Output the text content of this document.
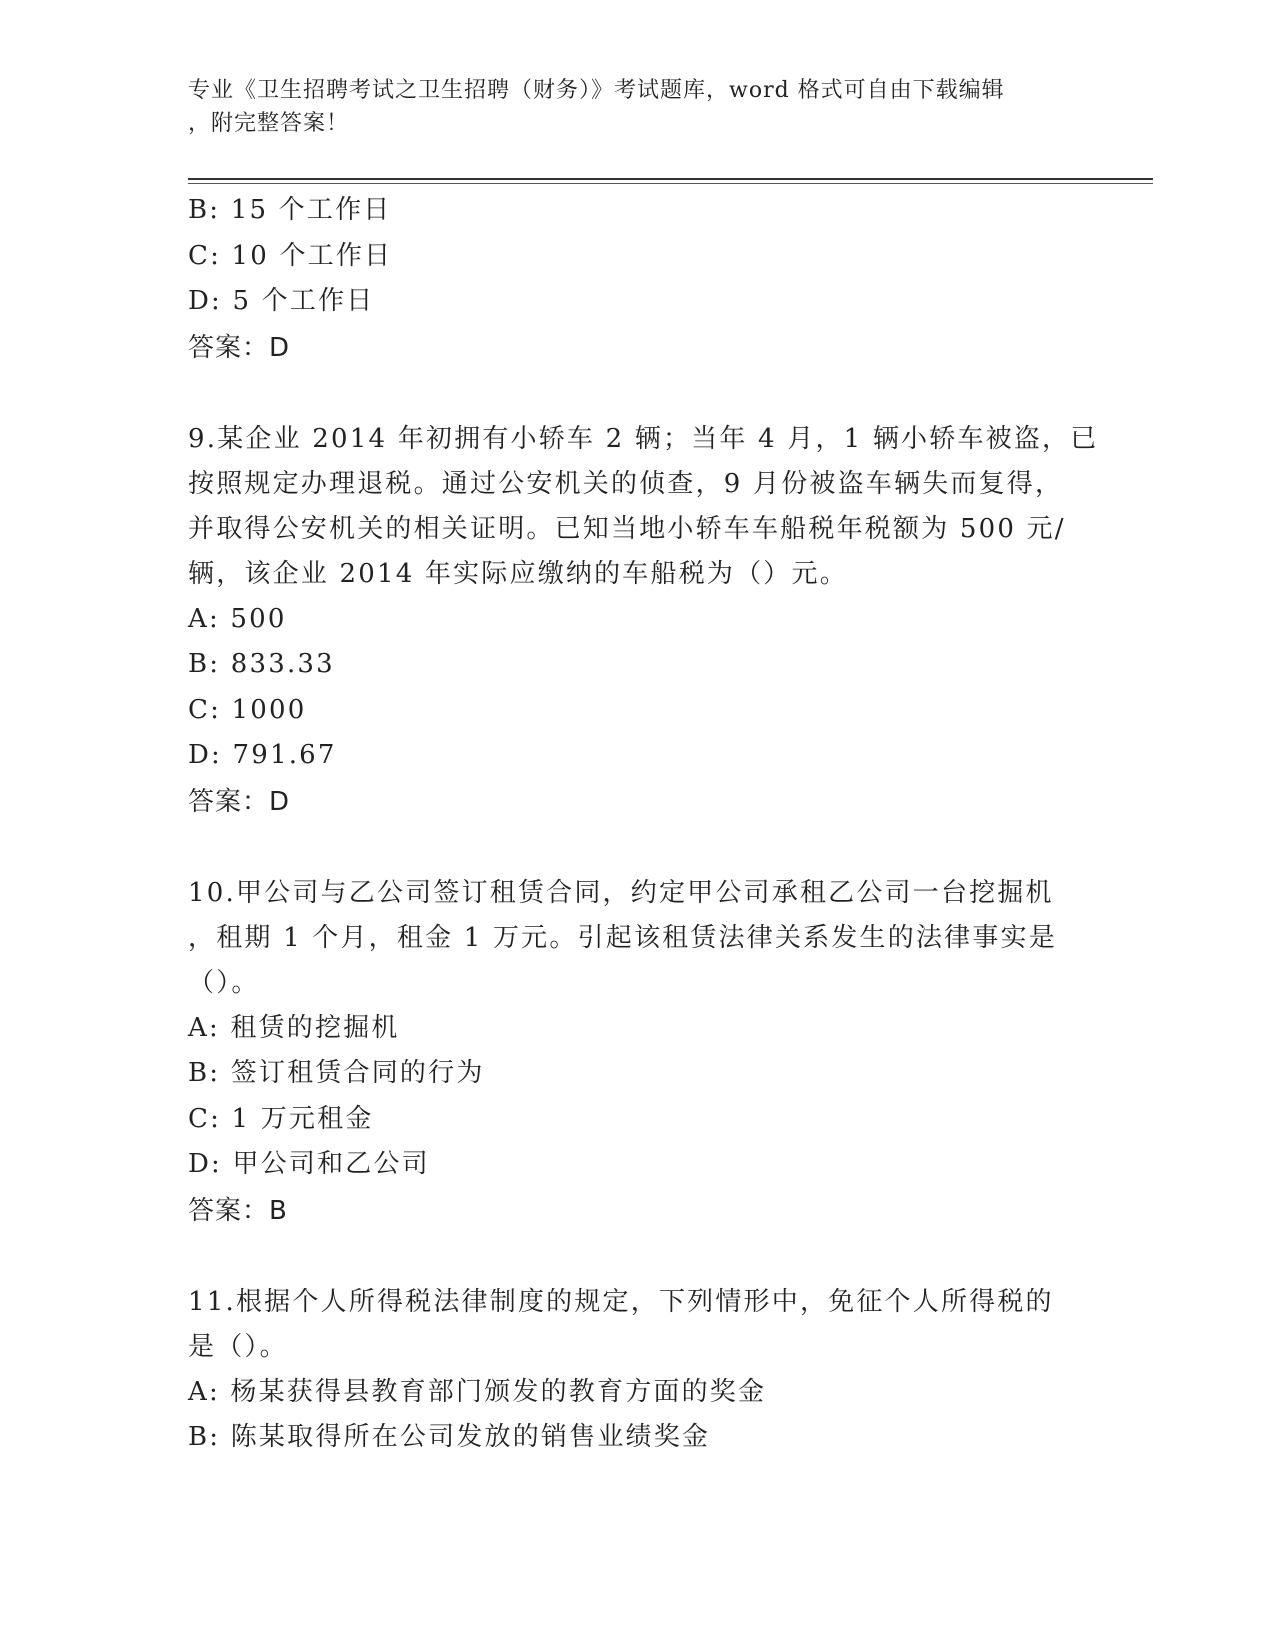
专业《卫生招聘考试之卫生招聘（财务）》考试题库，word 格式可自由下载编辑
，附完整答案！
B: 15 个工作日
C: 10 个工作日
D: 5 个工作日
答案：D
9.某企业 2014 年初拥有小轿车 2 辆；当年 4 月，1 辆小轿车被盗，已
按照规定办理退税。通过公安机关的侦查，9 月份被盗车辆失而复得，
并取得公安机关的相关证明。已知当地小轿车车船税年税额为 500 元/
辆，该企业 2014 年实际应缴纳的车船税为（）元。
A: 500
B: 833.33
C: 1000
D: 791.67
答案：D
10.甲公司与乙公司签订租赁合同，约定甲公司承租乙公司一台挖掘机
，租期 1 个月，租金 1 万元。引起该租赁法律关系发生的法律事实是
（）。
A: 租赁的挖掘机
B: 签订租赁合同的行为
C: 1 万元租金
D: 甲公司和乙公司
答案：B
11.根据个人所得税法律制度的规定，下列情形中，免征个人所得税的
是（）。
A: 杨某获得县教育部门颁发的教育方面的奖金
B: 陈某取得所在公司发放的销售业绩奖金
